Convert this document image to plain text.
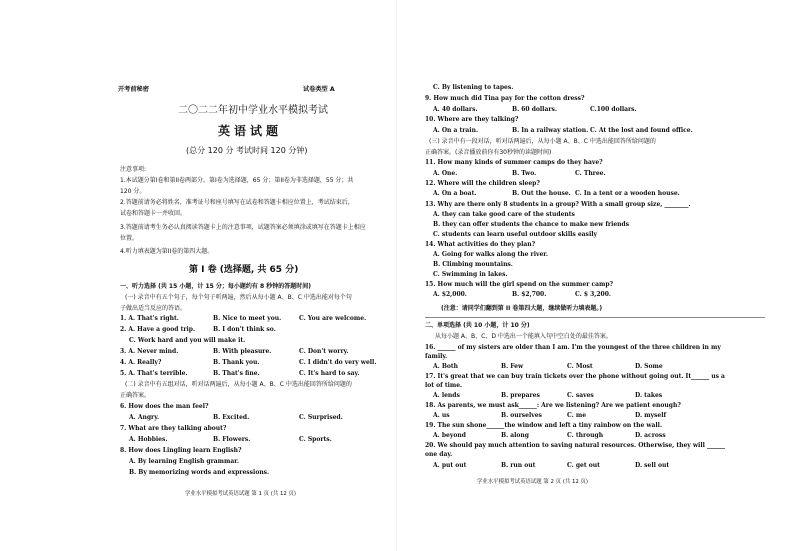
开考前秘密	试卷类型 A
二〇二二年初中学业水平模拟考试
英语试题
(总分 120 分 考试时间 120 分钟)
注意事项:
1.本试题分第I卷和第II卷两部分。第I卷为选择题，65 分；第II卷为非选择题，55 分；共
120 分。
2.答题前请务必将姓名，准考证号和座号填写在试卷和答题卡相应位置上，考试结束后，
试卷和答题卡一并收回。
3.答题前请考生务必认真阅读答题卡上的注意事项，试题答案必须填涂或填写在答题卡上相应
位置。
4.听力填表题为第II卷的第四大题。
第 I 卷 (选择题, 共 65 分)
一、听力选择 (共 15 小题，计 15 分；每小题约有 8 秒钟的答题时间)
(一) 录音中有五个句子，每个句子听两遍，然后从每小题 A、B、C 中选出能对每个句
子做出适当反应的答语。
1. A. That's right.	B. Nice to meet you.	C. You are welcome.
2. A. Have a good trip.	B. I don't think so.
C. Work hard and you will make it.
3. A. Never mind.	B. With pleasure.	C. Don't worry.
4. A. Really?	B. Thank you.	C. I didn't do very well.
5. A. That's terrible.	B. That's fine.	C. It's hard to say.
(二) 录音中有五组对话，听对话两遍后，从每小题 A、B、C 中选出能回答所给问题的
正确答案。
6. How does the man feel?
A. Angry.	B. Excited.	C. Surprised.
7. What are they talking about?
A. Hobbies.	B. Flowers.	C. Sports.
8. How does Lingling learn English?
A. By learning English grammar.
B. By memorizing words and expressions.
学业水平模拟考试英语试题 第 1 页 (共 12 页)
C. By listening to tapes.
9. How much did Tina pay for the cotton dress?
A. 40 dollars.	B. 60 dollars.	C.100 dollars.
10. Where are they talking?
A. On a train.	B. In a railway station. C. At the lost and found office.
(三) 录音中有一段对话，听对话两遍后，从每小题 A、B、C 中选出能回答所给问题的
正确答案。(录音播放前你有30秒钟的读题时间)
11. How many kinds of summer camps do they have?
A. One.	B. Two.	C. Three.
12. Where will the children sleep?
A. On a boat.	B. Out the house. C. In a tent or a wooden house.
13. Why are there only 8 students in a group? With a small group size, ________.
A. they can take good care of the students
B. they can offer students the chance to make new friends
C. students can learn useful outdoor skills easily
14. What activities do they plan?
A. Going for walks along the river.
B. Climbing mountains.
C. Swimming in lakes.
15. How much will the girl spend on the summer camp?
A. $2,000.	B. $2,700.	C. $ 3,200.
(注意：请同学们翻到第 II 卷第四大题，继续做听力填表题。)
二、单项选择 (共 10 小题，计 10 分)
从每小题 A、B、C、D 中选出一个能填入句中空白处的最佳答案。
16. ______ of my sisters are older than I am. I'm the youngest of the three children in my
family.
A. Both	B. Few	C. Most	D. Some
17. It's great that we can buy train tickets over the phone without going out. It______ us a
lot of time.
A. lends	B. prepares	C. saves	D. takes
18. As parents, we must ask______: Are we listening? Are we patient enough?
A. us	B. ourselves	C. me	D. myself
19. The sun shone______the window and left a tiny rainbow on the wall.
A. beyond	B. along	C. through	D. across
20. We should pay much attention to saving natural resources. Otherwise, they will ______
one day.
A. put out	B. run out	C. get out	D. sell out
学业水平模拟考试英语试题 第 2 页 (共 12 页)
